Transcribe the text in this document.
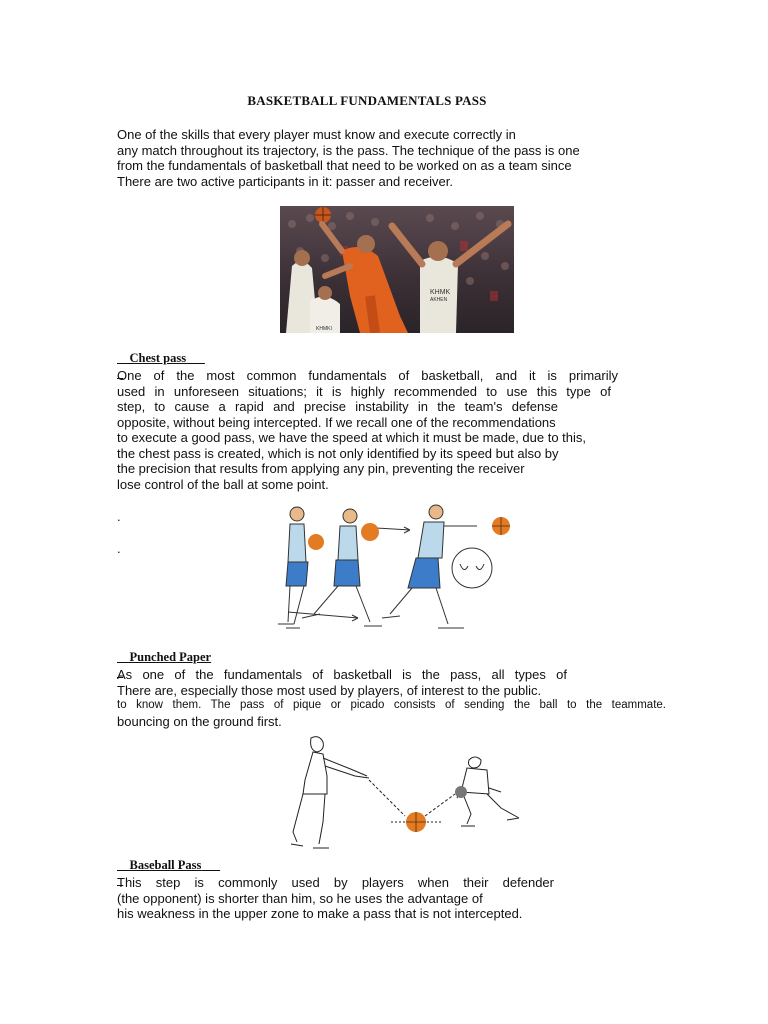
BASKETBALL FUNDAMENTALS PASS
One of the skills that every player must know and execute correctly in
any match throughout its trajectory, is the pass. The technique of the pass is one
from the fundamentals of basketball that need to be worked on as a team since
There are two active participants in it: passer and receiver.
KHMK
AKHEN
KHMKI

Chest pass

One of the most common fundamentals of basketball, and it is primarily
used in unforeseen situations; it is highly recommended to use this type of
step, to cause a rapid and precise instability in the team's defense
opposite, without being intercepted. If we recall one of the recommendations
to execute a good pass, we have the speed at which it must be made, due to this,
the chest pass is created, which is not only identified by its speed but also by
the precision that results from applying any pin, preventing the receiver
lose control of the ball at some point.
.
.

Punched Paper

As one of the fundamentals of basketball is the pass, all types of
There are, especially those most used by players, of interest to the public.
to know them. The pass of pique or picado consists of sending the ball to the teammate.
bouncing on the ground first.

Baseball Pass

This step is commonly used by players when their defender
(the opponent) is shorter than him, so he uses the advantage of
his weakness in the upper zone to make a pass that is not intercepted.
